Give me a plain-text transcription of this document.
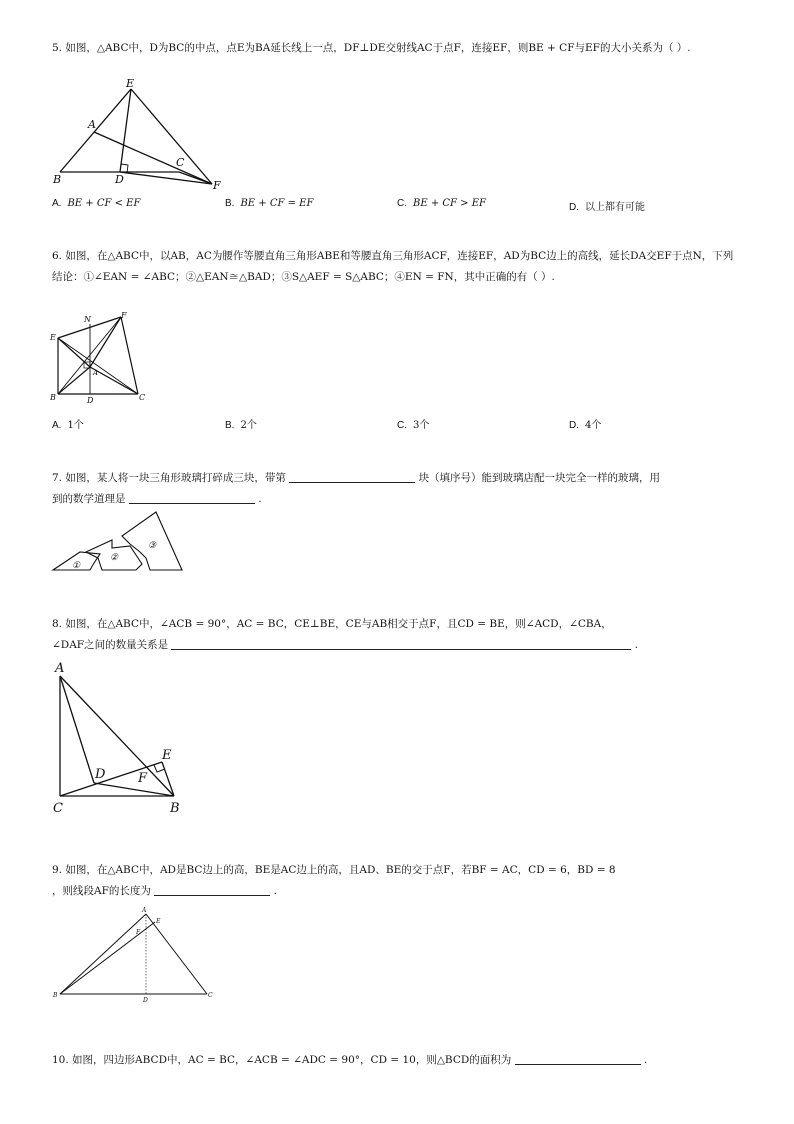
5. 如图，△ABC中，D为BC的中点，点E为BA延长线上一点，DF⊥DE交射线AC于点F，连接EF，则BE + CF与EF的大小关系为（ ）.

E
A
B	D
C
F
A. BE + CF < EF	B. BE + CF = EF	C. BE + CF > EF	D. 以上都有可能

6. 如图，在△ABC中，以AB，AC为腰作等腰直角三角形ABE和等腰直角三角形ACF，连接EF，AD为BC边上的高线，延长DA交EF于点N，下列结论：①∠EAN = ∠ABC；②△EAN≅△BAD；③S△AEF = S△ABC；④EN = FN，其中正确的有（ ）.

E
N	F
A
B	D	C
A. 1个	B. 2个	C. 3个	D. 4个

7. 如图，某人将一块三角形玻璃打碎成三块，带第	块（填序号）能到玻璃店配一块完全一样的玻璃，用

到的数学道理是	.

①
②
③

8. 如图，在△ABC中，∠ACB = 90°，AC = BC，CE⊥BE，CE与AB相交于点F，且CD = BE，则∠ACD，∠CBA，

∠DAF之间的数量关系是	.

A
E
D	F
C	B

9. 如图，在△ABC中，AD是BC边上的高，BE是AC边上的高，且AD、BE的交于点F，若BF = AC，CD = 6，BD = 8

，则线段AF的长度为	.

A
E
F
B
D
C

10. 如图，四边形ABCD中，AC = BC，∠ACB = ∠ADC = 90°，CD = 10，则△BCD的面积为	.
